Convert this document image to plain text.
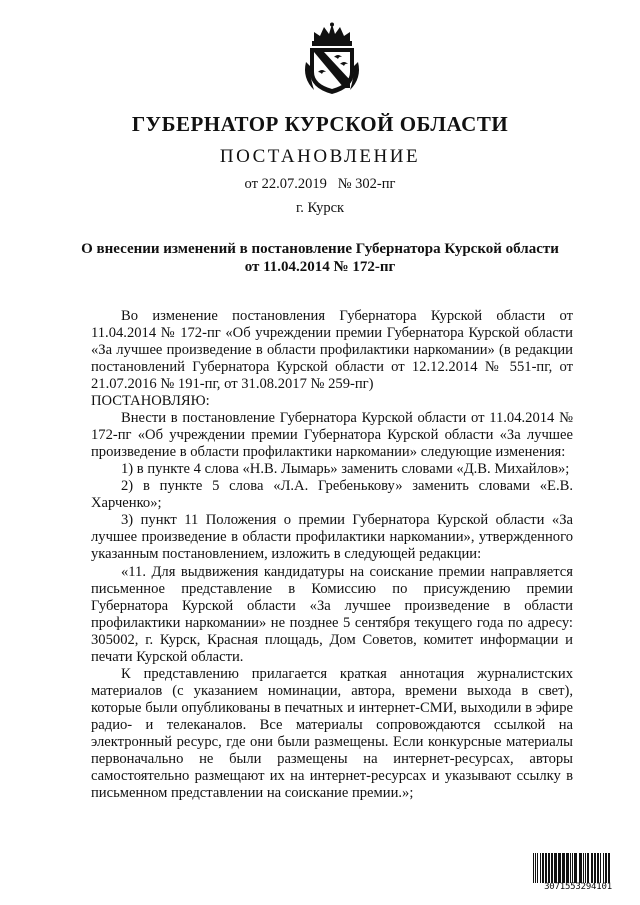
ГУБЕРНАТОР КУРСКОЙ ОБЛАСТИ
ПОСТАНОВЛЕНИЕ
от 22.07.2019 № 302-пг
г. Курск
О внесении изменений в постановление Губернатора Курской области
от 11.04.2014 № 172-пг

Во изменение постановления Губернатора Курской области от 11.04.2014 № 172-пг «Об учреждении премии Губернатора Курской области «За лучшее произведение в области профилактики наркомании» (в редакции постановлений Губернатора Курской области от 12.12.2014 № 551-пг, от 21.07.2016 № 191-пг, от 31.08.2017 № 259-пг)

ПОСТАНОВЛЯЮ:

Внести в постановление Губернатора Курской области от 11.04.2014 № 172-пг «Об учреждении премии Губернатора Курской области «За лучшее произведение в области профилактики наркомании» следующие изменения:

1) в пункте 4 слова «Н.В. Лымарь» заменить словами «Д.В. Михайлов»;

2) в пункте 5 слова «Л.А. Гребенькову» заменить словами «Е.В. Харченко»;

3) пункт 11 Положения о премии Губернатора Курской области «За лучшее произведение в области профилактики наркомании», утвержденного указанным постановлением, изложить в следующей редакции:

«11. Для выдвижения кандидатуры на соискание премии направляется письменное представление в Комиссию по присуждению премии Губернатора Курской области «За лучшее произведение в области профилактики наркомании» не позднее 5 сентября текущего года по адресу: 305002, г. Курск, Красная площадь, Дом Советов, комитет информации и печати Курской области.

К представлению прилагается краткая аннотация журналистских материалов (с указанием номинации, автора, времени выхода в свет), которые были опубликованы в печатных и интернет-СМИ, выходили в эфире радио- и телеканалов. Все материалы сопровождаются ссылкой на электронный ресурс, где они были размещены. Если конкурсные материалы первоначально не были размещены на интернет-ресурсах, авторы самостоятельно размещают их на интернет-ресурсах и указывают ссылку в письменном представлении на соискание премии.»;

3071553294101
